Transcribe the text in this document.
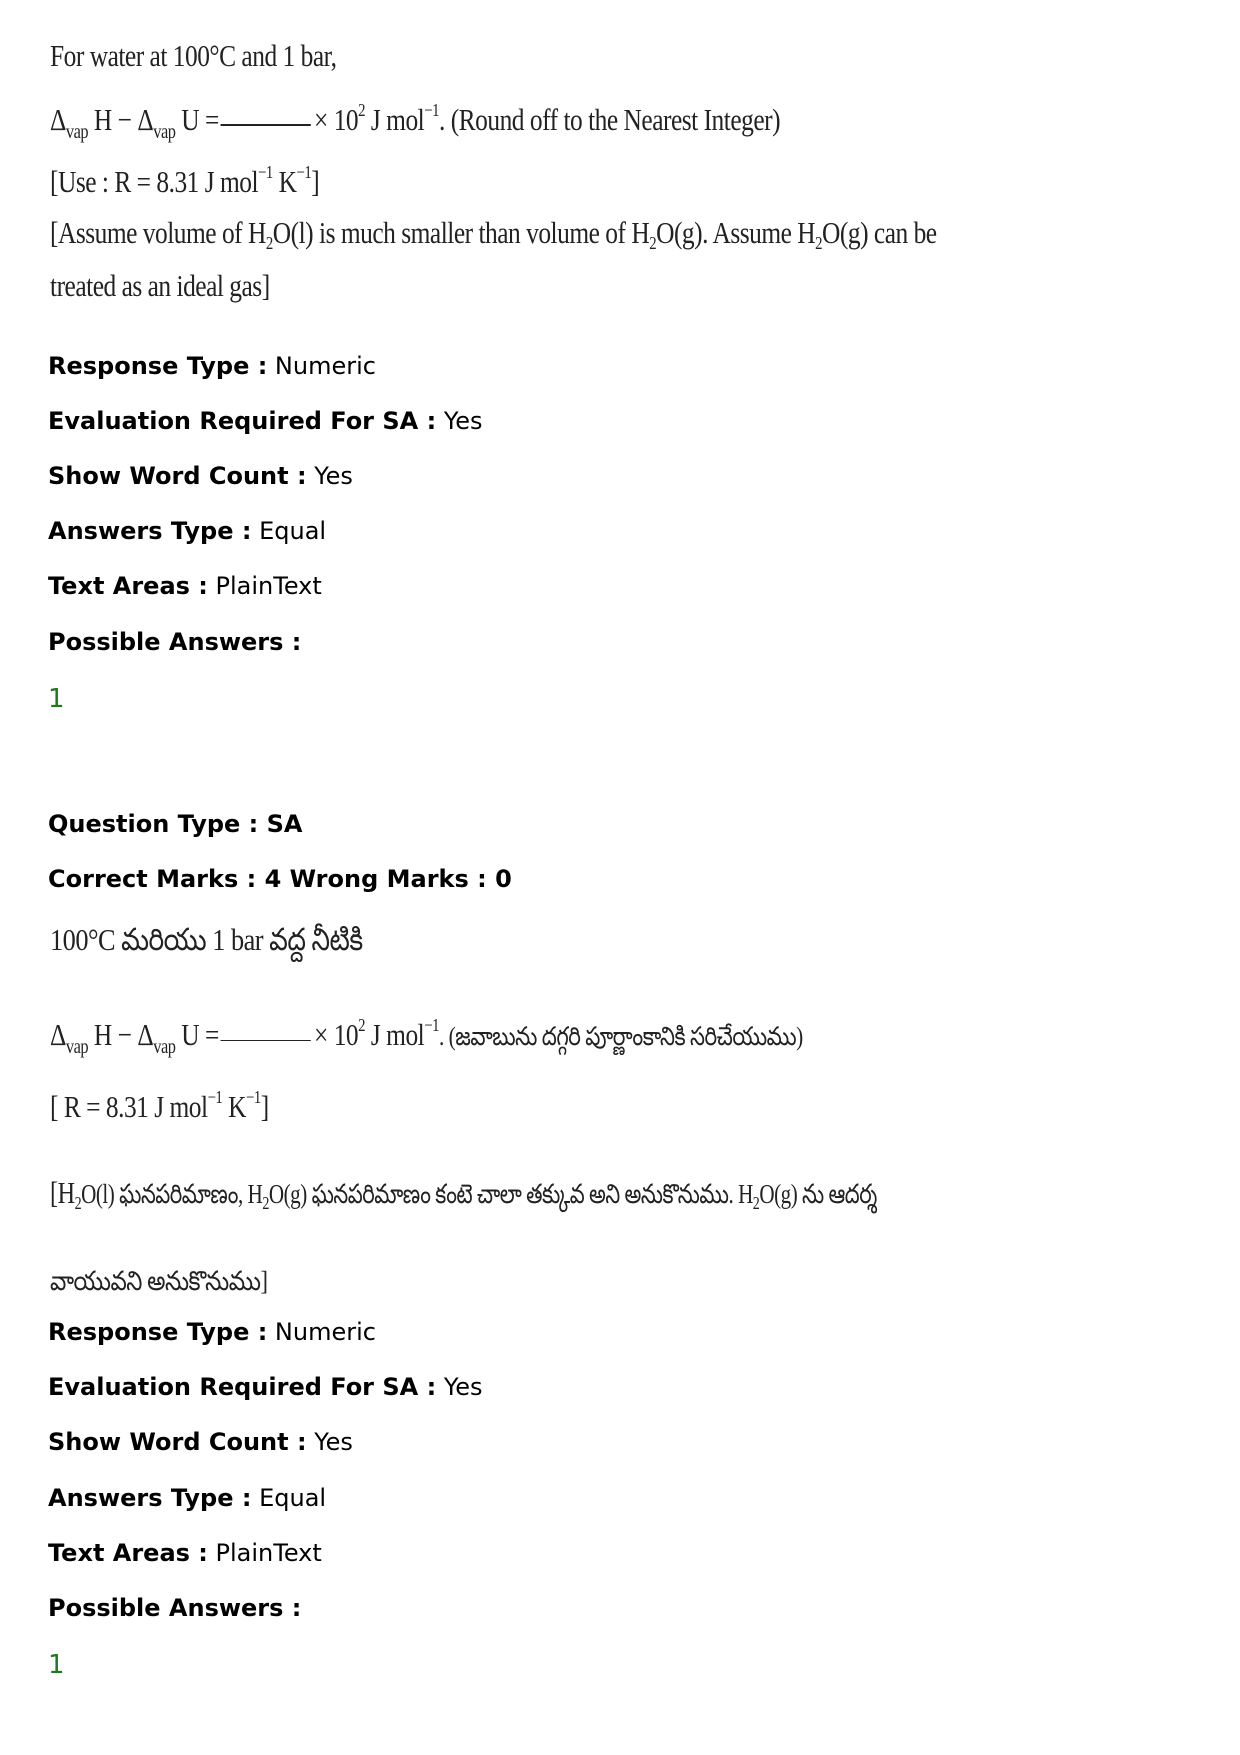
For water at 100°C and 1 bar,
$\Delta_{vap}$ $H - \Delta_{vap}$ U =	× $10^2$ J mol$^{-1}$. (Round off to the Nearest Integer)
[Use : R = 8.31 J mol$^{-1}$ $K^{-1}$]
[Assume volume of $H_2O(l)$ is much smaller than volume of $H_2O(g)$. Assume $H_2O(g)$ can be
treated as an ideal gas]
Response Type : Numeric
Evaluation Required For SA : Yes
Show Word Count : Yes
Answers Type : Equal
Text Areas : PlainText
Possible Answers :
1
Question Type : SA
Correct Marks : 4 Wrong Marks : 0
100°C మరియు 1 bar వద్ద నీటికి
$\Delta_{vap}$ $H - \Delta_{vap}$ U =	× $10^2$ J mol$^{-1}$. (జవాబును దగ్గరి పూర్ణాంకానికి సరిచేయుము)
[ R = 8.31 J mol$^{-1}$ $K^{-1}$]
[$H_2O(l)$ ఘనపరిమాణం, $H_2O(g)$ ఘనపరిమాణం కంటె చాలా తక్కువ అని అనుకొనుము. $H_2O(g)$ ను ఆదర్శ
వాయువని అనుకొనుము]
Response Type : Numeric
Evaluation Required For SA : Yes
Show Word Count : Yes
Answers Type : Equal
Text Areas : PlainText
Possible Answers :
1
